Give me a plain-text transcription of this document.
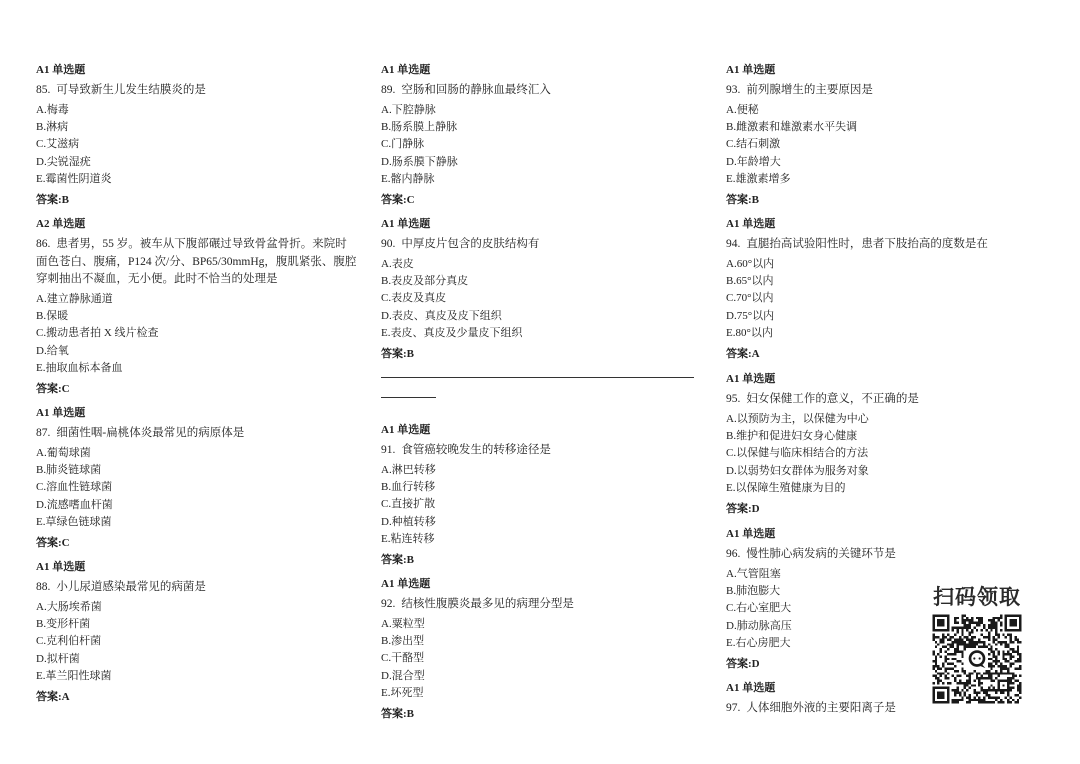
A1 单选题
85. 可导致新生儿发生结膜炎的是
A.梅毒
B.淋病
C.艾滋病
D.尖锐湿疣
E.霉菌性阴道炎
答案:B
A2 单选题
86. 患者男，55 岁。被车从下腹部碾过导致骨盆骨折。来院时
面色苍白、腹痛，P124 次/分、BP65/30mmHg，腹肌紧张、腹腔
穿刺抽出不凝血，无小便。此时不恰当的处理是
A.建立静脉通道
B.保暖
C.搬动患者拍 X 线片检查
D.给氧
E.抽取血标本备血
答案:C
A1 单选题
87. 细菌性咽-扁桃体炎最常见的病原体是
A.葡萄球菌
B.肺炎链球菌
C.溶血性链球菌
D.流感嗜血杆菌
E.草绿色链球菌
答案:C
A1 单选题
88. 小儿尿道感染最常见的病菌是
A.大肠埃希菌
B.变形杆菌
C.克利伯杆菌
D.拟杆菌
E.革兰阳性球菌
答案:A
A1 单选题
89. 空肠和回肠的静脉血最终汇入
A.下腔静脉
B.肠系膜上静脉
C.门静脉
D.肠系膜下静脉
E.髂内静脉
答案:C
A1 单选题
90. 中厚皮片包含的皮肤结构有
A.表皮
B.表皮及部分真皮
C.表皮及真皮
D.表皮、真皮及皮下组织
E.表皮、真皮及少量皮下组织
答案:B
A1 单选题
91. 食管癌较晚发生的转移途径是
A.淋巴转移
B.血行转移
C.直接扩散
D.种植转移
E.粘连转移
答案:B
A1 单选题
92. 结核性腹膜炎最多见的病理分型是
A.粟粒型
B.渗出型
C.干酪型
D.混合型
E.坏死型
答案:B
A1 单选题
93. 前列腺增生的主要原因是
A.便秘
B.雌激素和雄激素水平失调
C.结石刺激
D.年龄增大
E.雄激素增多
答案:B
A1 单选题
94. 直腿抬高试验阳性时，患者下肢抬高的度数是在
A.60°以内
B.65°以内
C.70°以内
D.75°以内
E.80°以内
答案:A
A1 单选题
95. 妇女保健工作的意义，不正确的是
A.以预防为主，以保健为中心
B.维护和促进妇女身心健康
C.以保健与临床相结合的方法
D.以弱势妇女群体为服务对象
E.以保障生殖健康为目的
答案:D
A1 单选题
96. 慢性肺心病发病的关键环节是
A.气管阻塞
B.肺泡膨大
C.右心室肥大
D.肺动脉高压
E.右心房肥大
答案:D
A1 单选题
97. 人体细胞外液的主要阳离子是
扫码领取
